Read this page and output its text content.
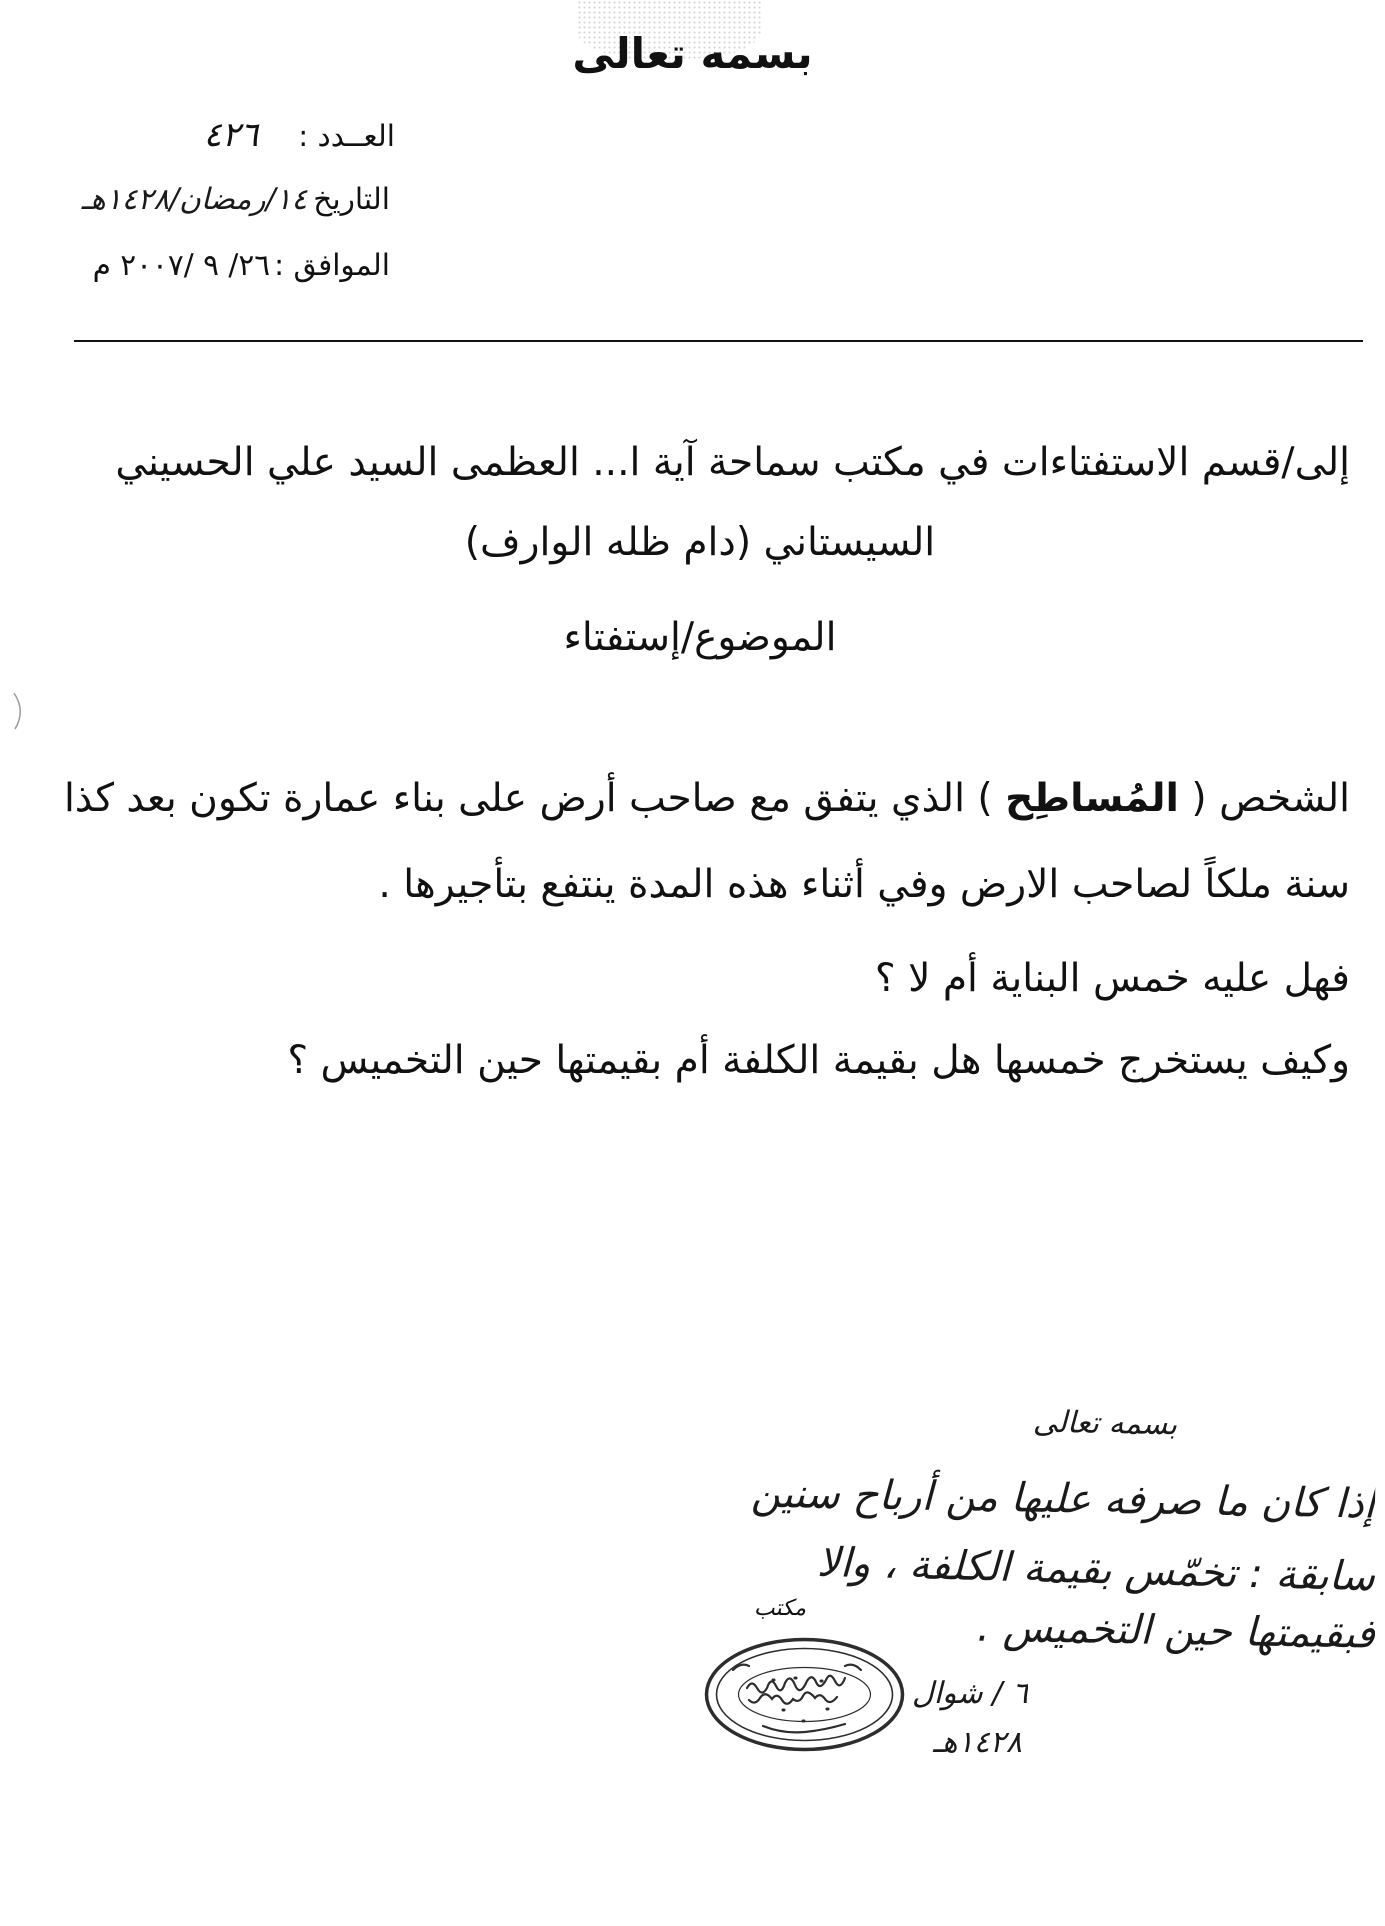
بسمه تعالى
العــدد :٤٢٦
التاريخ١٤/رمضان/١٤٢٨هـ
الموافق :٢٦/ ٩ /٢٠٠٧ م
إلى/قسم الاستفتاءات في مكتب سماحة آية ا... العظمى السيد علي الحسيني
السيستاني (دام ظله الوارف)
الموضوع/إستفتاء
الشخص ( المُساطِح ) الذي يتفق مع صاحب أرض على بناء عمارة تكون بعد كذا
سنة ملكاً لصاحب الارض وفي أثناء هذه المدة ينتفع بتأجيرها .
فهل عليه خمس البناية أم لا ؟
وكيف يستخرج خمسها هل بقيمة الكلفة أم بقيمتها حين التخميس ؟
بسمه تعالى
إذا كان ما صرفه عليها من أرباح سنين
سابقة : تخمّس بقيمة الكلفة ، والا
فبقيمتها حين التخميس .
٦ / شوال
١٤٢٨هـ
مكتب
